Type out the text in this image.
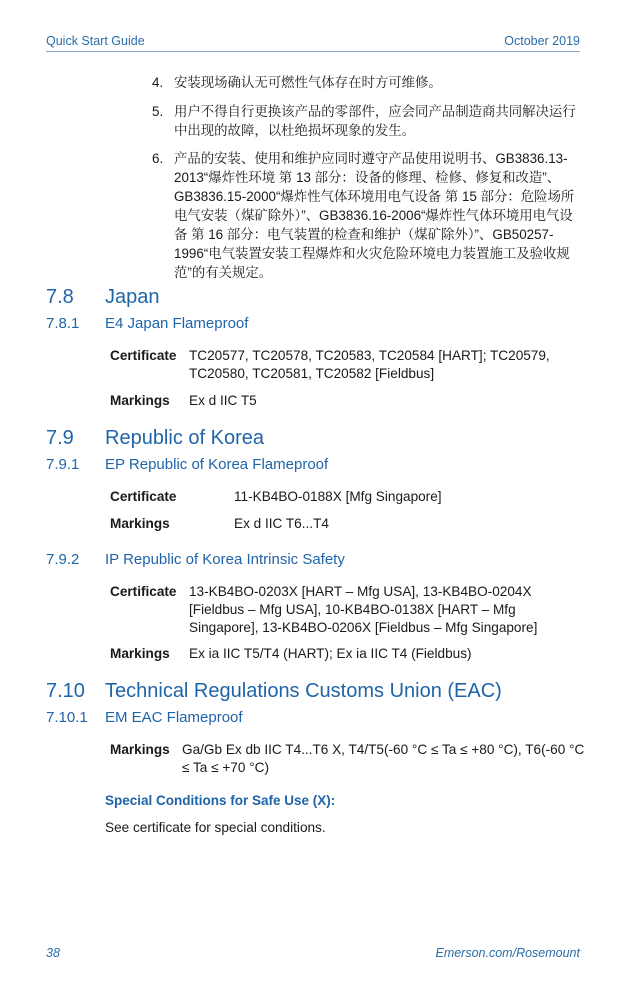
Quick Start Guide	October 2019
4. 安装现场确认无可燃性气体存在时方可维修。
5. 用户不得自行更换该产品的零部件，应会同产品制造商共同解决运行中出现的故障，以杜绝损坏现象的发生。
6. 产品的安装、使用和维护应同时遵守产品使用说明书、GB3836.13-2013“爆炸性环境 第 13 部分：设备的修理、检修、修复和改造”、GB3836.15-2000“爆炸性气体环境用电气设备 第 15 部分：危险场所电气安装（煤矿除外）”、GB3836.16-2006“爆炸性气体环境用电气设备 第 16 部分：电气装置的检查和维护（煤矿除外）”、GB50257-1996“电气装置安装工程爆炸和火灾危险环境电力装置施工及验收规范”的有关规定。
7.8 Japan
7.8.1 E4 Japan Flameproof
Certificate TC20577, TC20578, TC20583, TC20584 [HART]; TC20579, TC20580, TC20581, TC20582 [Fieldbus]
Markings Ex d IIC T5
7.9 Republic of Korea
7.9.1 EP Republic of Korea Flameproof
Certificate	11-KB4BO-0188X [Mfg Singapore]
Markings	Ex d IIC T6...T4
7.9.2 IP Republic of Korea Intrinsic Safety
Certificate 13-KB4BO-0203X [HART – Mfg USA], 13-KB4BO-0204X [Fieldbus – Mfg USA], 10-KB4BO-0138X [HART – Mfg Singapore], 13-KB4BO-0206X [Fieldbus – Mfg Singapore]
Markings Ex ia IIC T5/T4 (HART); Ex ia IIC T4 (Fieldbus)
7.10 Technical Regulations Customs Union (EAC)
7.10.1 EM EAC Flameproof
Markings Ga/Gb Ex db IIC T4...T6 X, T4/T5(-60 °C ≤ Ta ≤ +80 °C), T6(-60 °C ≤ Ta ≤ +70 °C)
Special Conditions for Safe Use (X):
See certificate for special conditions.
38	Emerson.com/Rosemount
